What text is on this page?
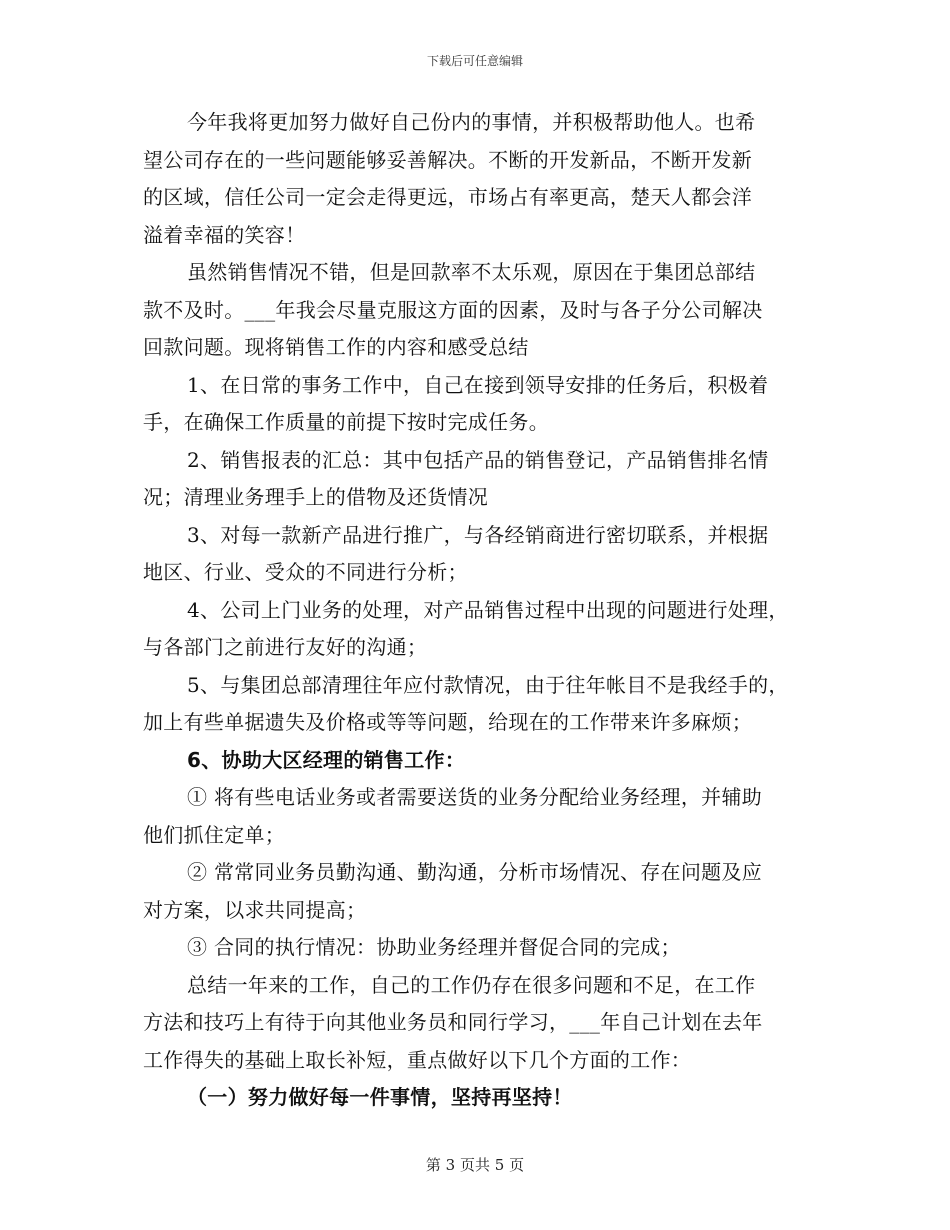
下载后可任意编辑
今年我将更加努力做好自己份内的事情，并积极帮助他人。也希
望公司存在的一些问题能够妥善解决。不断的开发新品，不断开发新
的区域，信任公司一定会走得更远，市场占有率更高，楚天人都会洋
溢着幸福的笑容！
虽然销售情况不错，但是回款率不太乐观，原因在于集团总部结
款不及时。___年我会尽量克服这方面的因素，及时与各子分公司解决
回款问题。现将销售工作的内容和感受总结
1、在日常的事务工作中，自己在接到领导安排的任务后，积极着
手，在确保工作质量的前提下按时完成任务。
2、销售报表的汇总：其中包括产品的销售登记，产品销售排名情
况；清理业务理手上的借物及还货情况
3、对每一款新产品进行推广，与各经销商进行密切联系，并根据
地区、行业、受众的不同进行分析；
4、公司上门业务的处理，对产品销售过程中出现的问题进行处理，
与各部门之前进行友好的沟通；
5、与集团总部清理往年应付款情况，由于往年帐目不是我经手的，
加上有些单据遗失及价格或等等问题，给现在的工作带来许多麻烦；
6、协助大区经理的销售工作：
① 将有些电话业务或者需要送货的业务分配给业务经理，并辅助
他们抓住定单；
② 常常同业务员勤沟通、勤沟通，分析市场情况、存在问题及应
对方案，以求共同提高；
③ 合同的执行情况：协助业务经理并督促合同的完成；
总结一年来的工作，自己的工作仍存在很多问题和不足，在工作
方法和技巧上有待于向其他业务员和同行学习，___年自己计划在去年
工作得失的基础上取长补短，重点做好以下几个方面的工作：
（一）努力做好每一件事情，坚持再坚持！
第 3 页共 5 页
